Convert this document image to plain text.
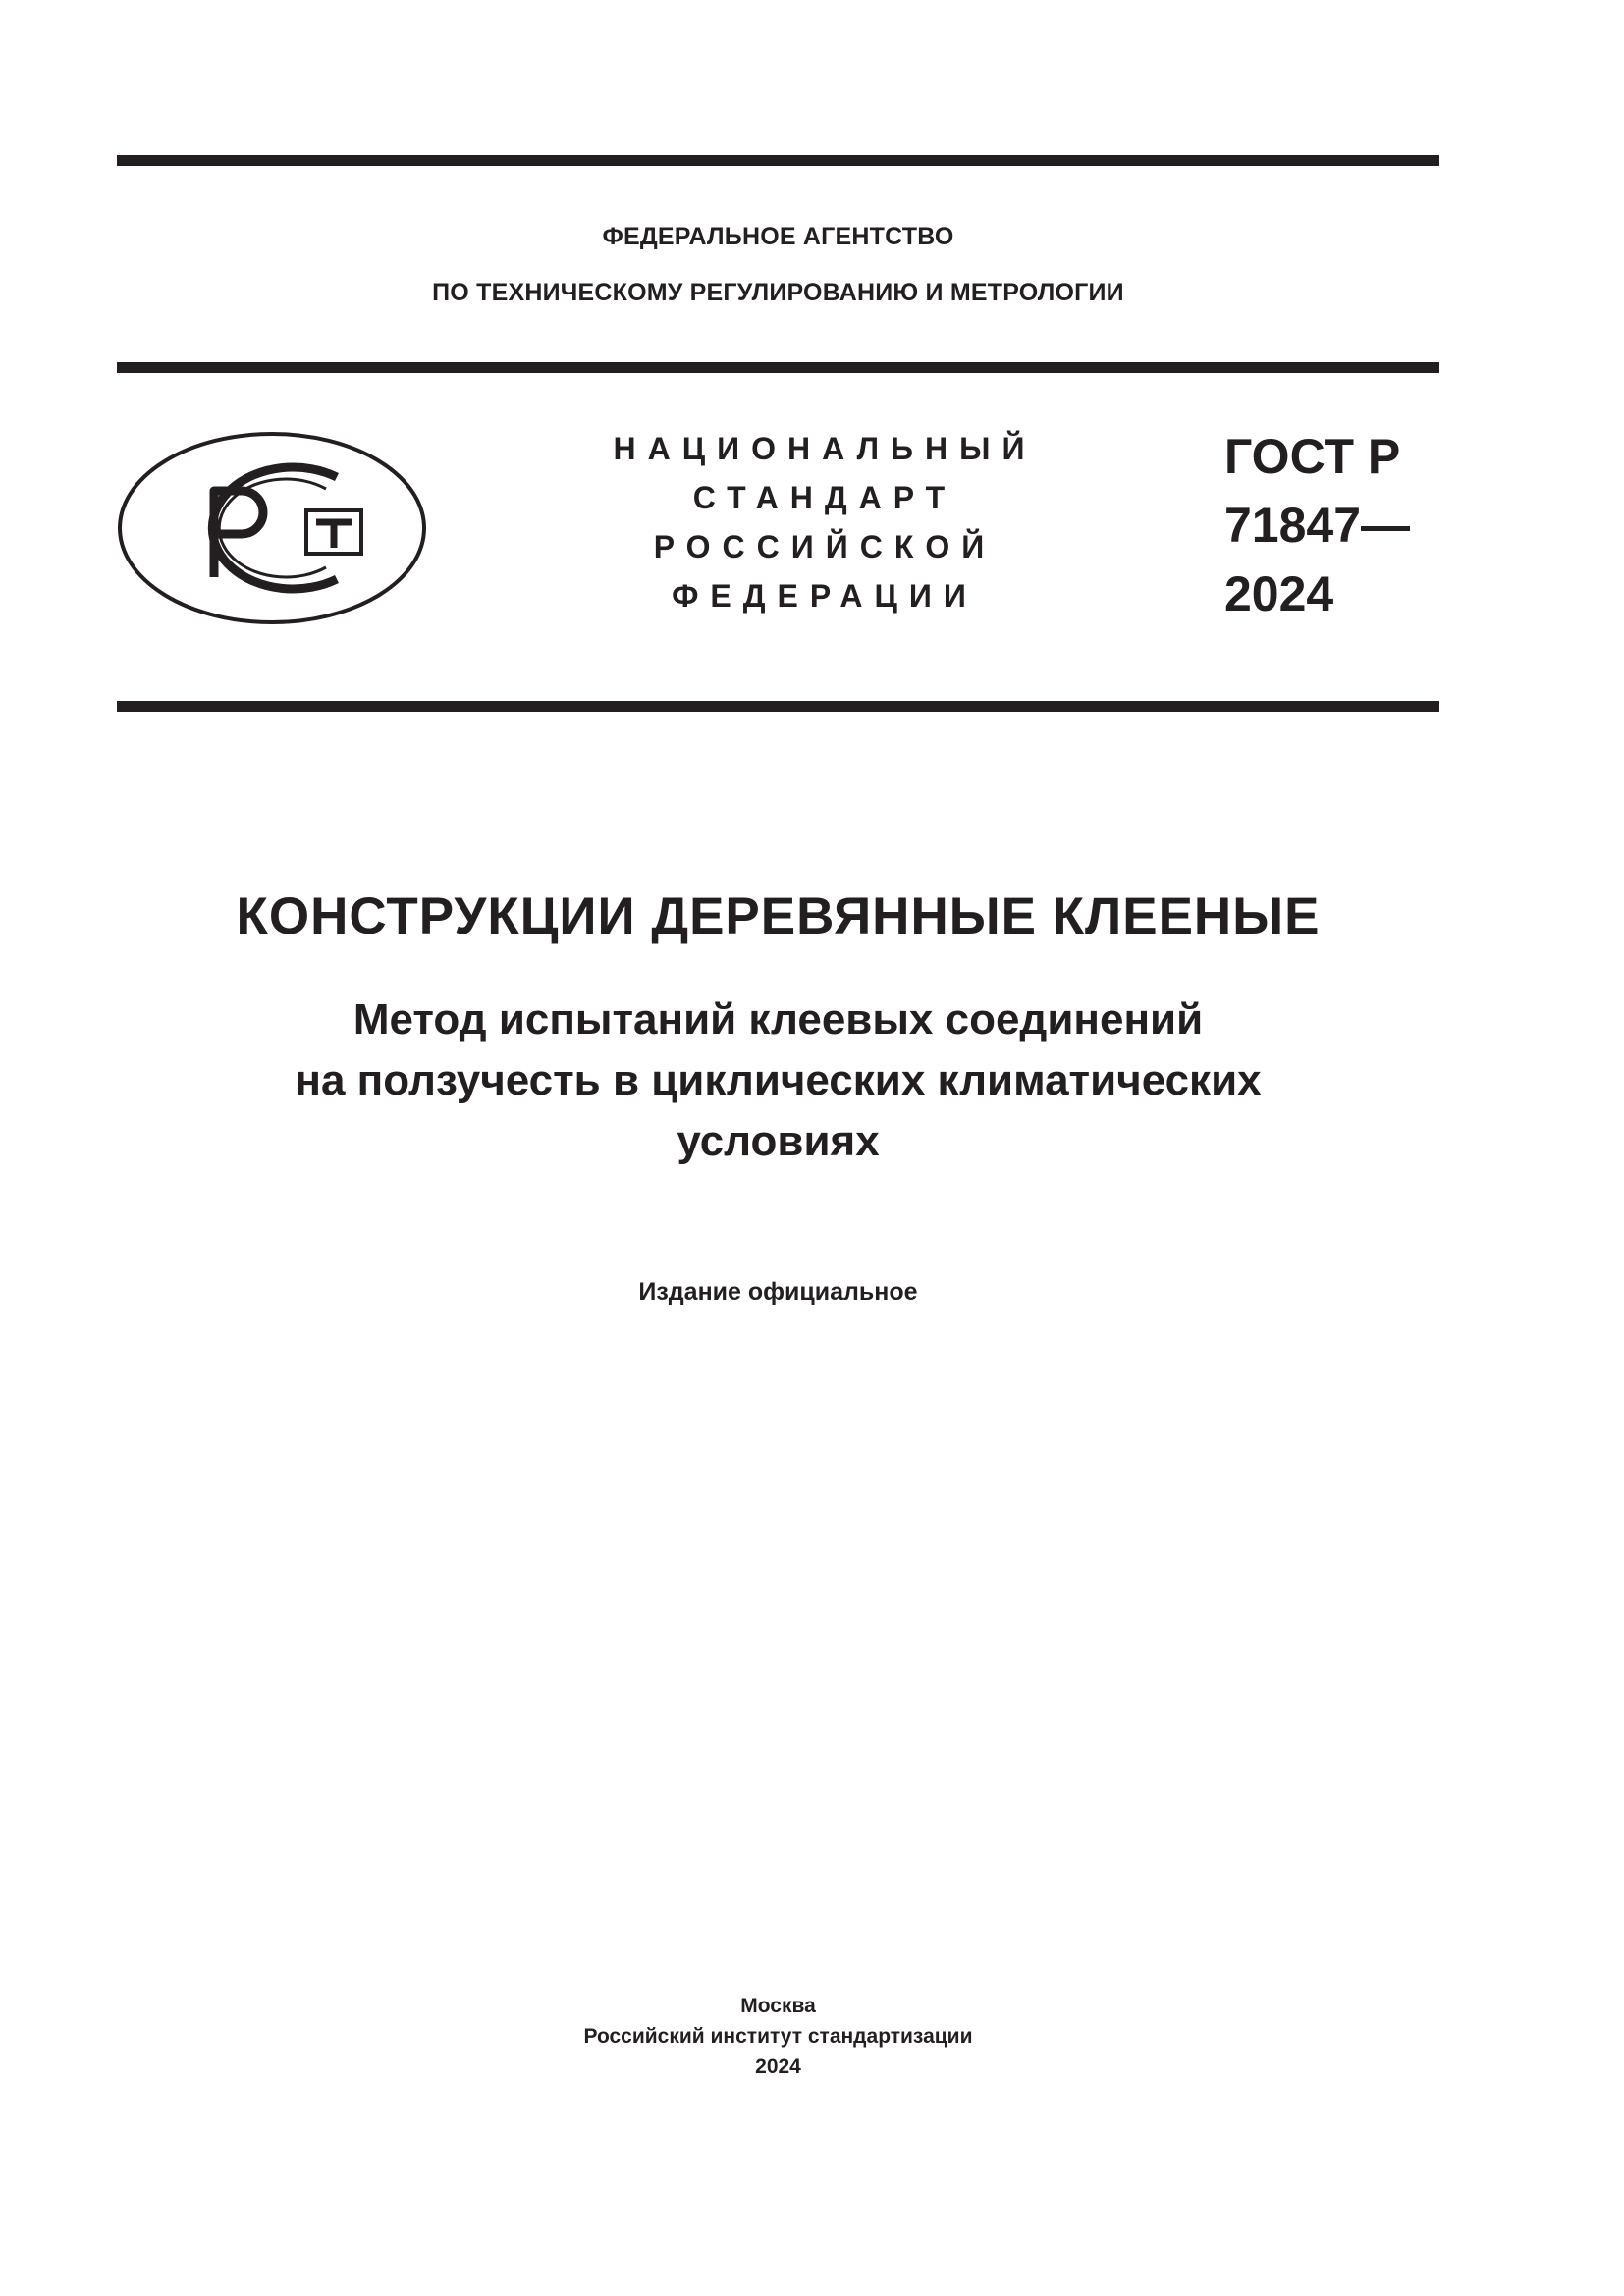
ФЕДЕРАЛЬНОЕ АГЕНТСТВО
ПО ТЕХНИЧЕСКОМУ РЕГУЛИРОВАНИЮ И МЕТРОЛОГИИ
НАЦИОНАЛЬНЫЙ
СТАНДАРТ
РОССИЙСКОЙ
ФЕДЕРАЦИИ
ГОСТ Р
71847—
2024
КОНСТРУКЦИИ ДЕРЕВЯННЫЕ КЛЕЕНЫЕ
Метод испытаний клеевых соединений
на ползучесть в циклических климатических
условиях
Издание официальное
Москва
Российский институт стандартизации
2024
